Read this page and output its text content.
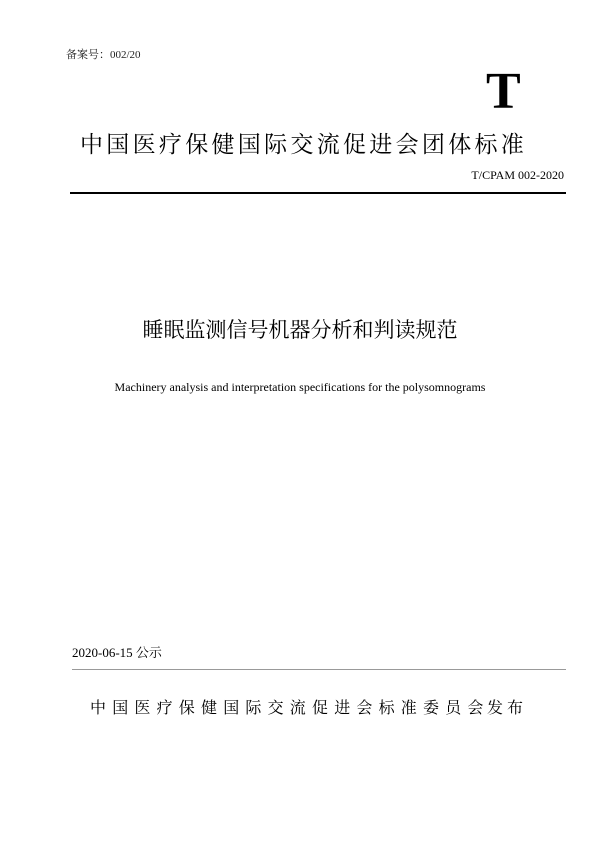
备案号：002/20
T
中国医疗保健国际交流促进会团体标准
T/CPAM 002-2020
睡眠监测信号机器分析和判读规范
Machinery analysis and interpretation specifications for the polysomnograms
2020-06-15 公示
中国医疗保健国际交流促进会标准委员会
发布
